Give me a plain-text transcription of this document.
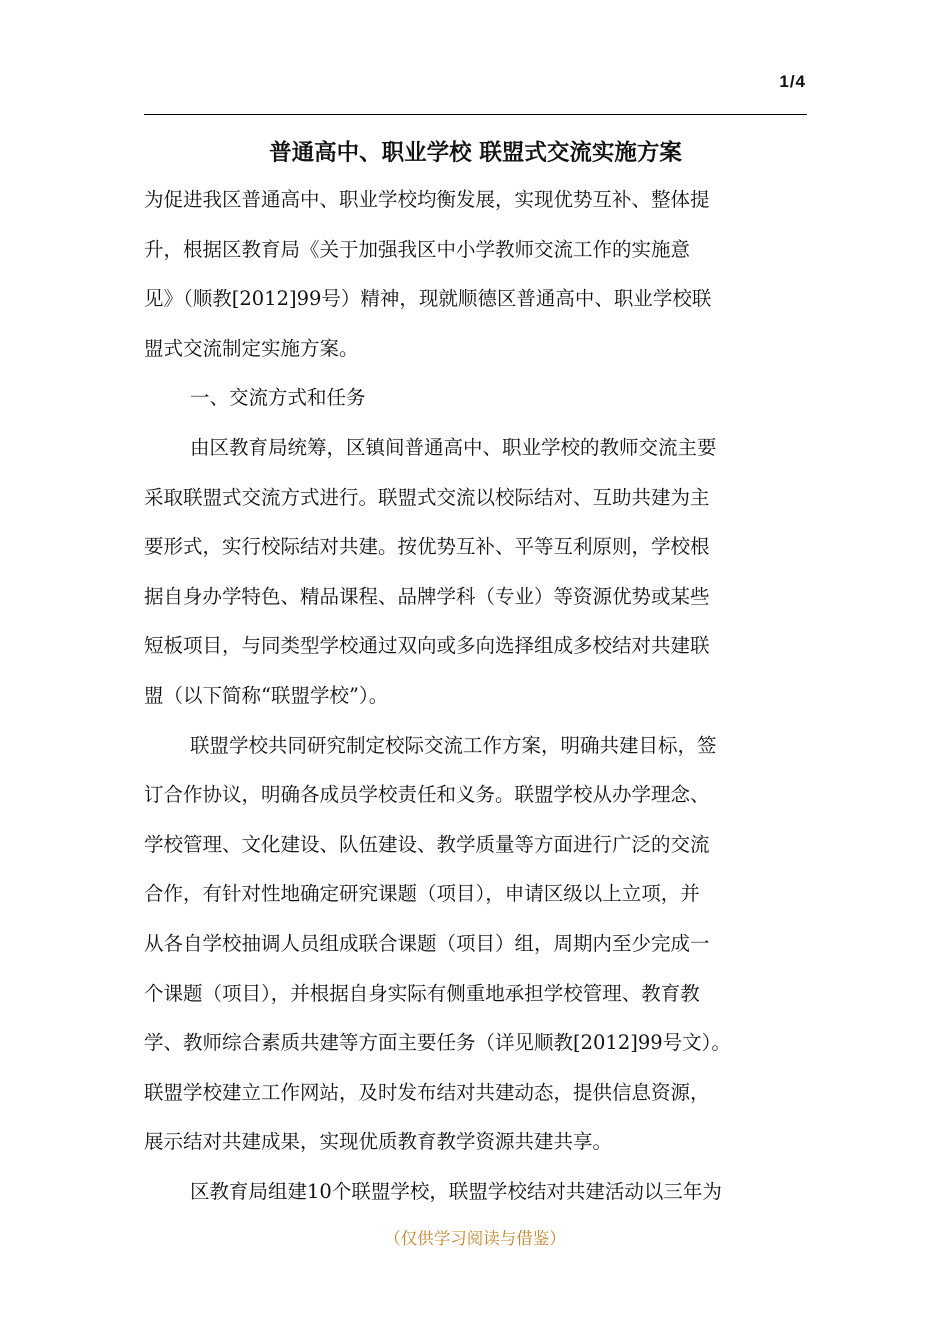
1/4
普通高中、职业学校 联盟式交流实施方案
为促进我区普通高中、职业学校均衡发展，实现优势互补、整体提
升，根据区教育局《关于加强我区中小学教师交流工作的实施意
见》（顺教[2012]99号）精神，现就顺德区普通高中、职业学校联
盟式交流制定实施方案。
一、交流方式和任务
由区教育局统筹，区镇间普通高中、职业学校的教师交流主要
采取联盟式交流方式进行。联盟式交流以校际结对、互助共建为主
要形式，实行校际结对共建。按优势互补、平等互利原则，学校根
据自身办学特色、精品课程、品牌学科（专业）等资源优势或某些
短板项目，与同类型学校通过双向或多向选择组成多校结对共建联
盟（以下简称“联盟学校”）。
联盟学校共同研究制定校际交流工作方案，明确共建目标，签
订合作协议，明确各成员学校责任和义务。联盟学校从办学理念、
学校管理、文化建设、队伍建设、教学质量等方面进行广泛的交流
合作，有针对性地确定研究课题（项目），申请区级以上立项，并
从各自学校抽调人员组成联合课题（项目）组，周期内至少完成一
个课题（项目），并根据自身实际有侧重地承担学校管理、教育教
学、教师综合素质共建等方面主要任务（详见顺教[2012]99号文）。
联盟学校建立工作网站，及时发布结对共建动态，提供信息资源，
展示结对共建成果，实现优质教育教学资源共建共享。
区教育局组建10个联盟学校，联盟学校结对共建活动以三年为
（仅供学习阅读与借鉴）
